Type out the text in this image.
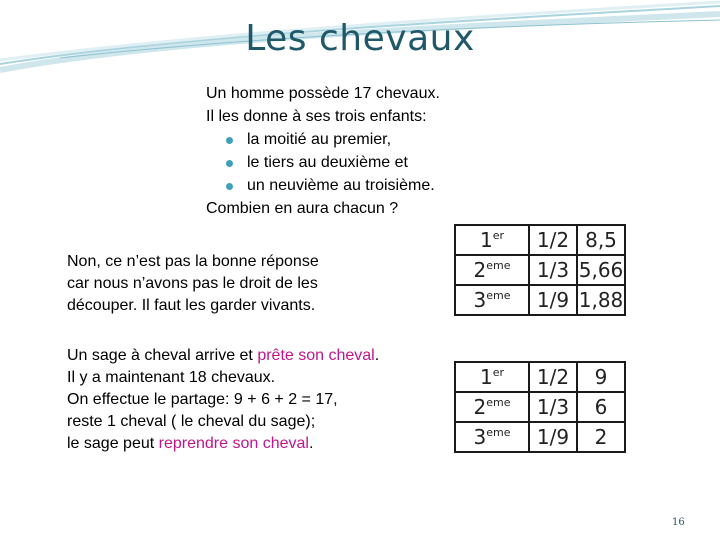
Les chevaux
Un homme possède 17 chevaux.
Il les donne à ses trois enfants:
la moitié au premier,
le tiers au deuxième et
un neuvième au troisième.
Combien en aura chacun ?
Non, ce n’est pas la bonne réponse
car nous n’avons pas le droit de les
découper. Il faut les garder vivants.
Un sage à cheval arrive et prête son cheval.
Il y a maintenant 18 chevaux.
On effectue le partage: 9 + 6 + 2 = 17,
reste 1 cheval ( le cheval du sage);
le sage peut reprendre son cheval.
1er	1/2	8,5
2eme	1/3	5,66
3eme	1/9	1,88
1er	1/2	9
2eme	1/3	6
3eme	1/9	2
16
